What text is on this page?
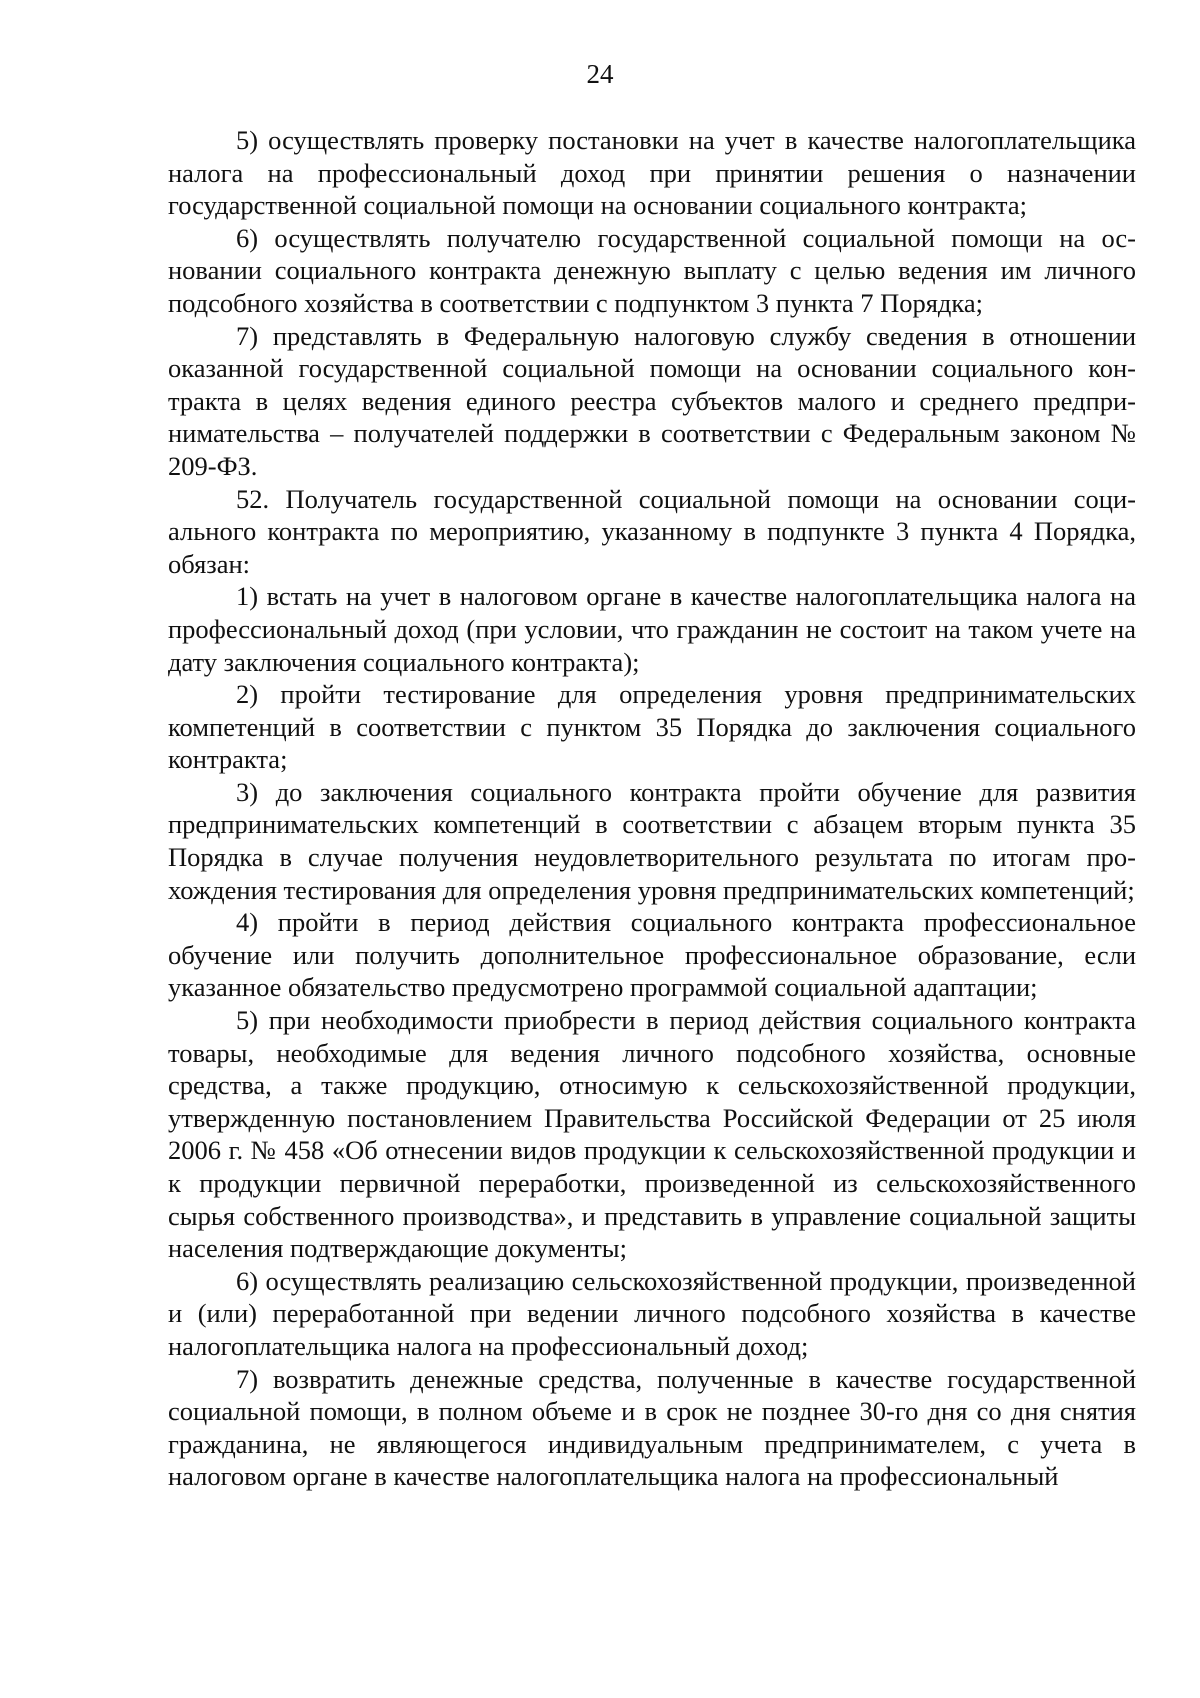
24

5) осуществлять проверку постановки на учет в качестве налогоплательщика налога на профессиональный доход при принятии решения о назначении государственной социальной помощи на основании социального контракта;

6) осуществлять получателю государственной социальной помощи на основании социального контракта денежную выплату с целью ведения им личного подсобного хозяйства в соответствии с подпунктом 3 пункта 7 Порядка;

7) представлять в Федеральную налоговую службу сведения в отношении оказанной государственной социальной помощи на основании социального контракта в целях ведения единого реестра субъектов малого и среднего предпринимательства – получателей поддержки в соответствии с Федеральным законом № 209-ФЗ.

52. Получатель государственной социальной помощи на основании социального контракта по мероприятию, указанному в подпункте 3 пункта 4 Порядка, обязан:

1) встать на учет в налоговом органе в качестве налогоплательщика налога на профессиональный доход (при условии, что гражданин не состоит на таком учете на дату заключения социального контракта);

2) пройти тестирование для определения уровня предпринимательских компетенций в соответствии с пунктом 35 Порядка до заключения социального контракта;

3) до заключения социального контракта пройти обучение для развития предпринимательских компетенций в соответствии с абзацем вторым пункта 35 Порядка в случае получения неудовлетворительного результата по итогам прохождения тестирования для определения уровня предпринимательских компетенций;

4) пройти в период действия социального контракта профессиональное обучение или получить дополнительное профессиональное образование, если указанное обязательство предусмотрено программой социальной адаптации;

5) при необходимости приобрести в период действия социального контракта товары, необходимые для ведения личного подсобного хозяйства, основные средства, а также продукцию, относимую к сельскохозяйственной продукции, утвержденную постановлением Правительства Российской Федерации от 25 июля 2006 г. № 458 «Об отнесении видов продукции к сельскохозяйственной продукции и к продукции первичной переработки, произведенной из сельскохозяйственного сырья собственного производства», и представить в управление социальной защиты населения подтверждающие документы;

6) осуществлять реализацию сельскохозяйственной продукции, произведенной и (или) переработанной при ведении личного подсобного хозяйства в качестве налогоплательщика налога на профессиональный доход;

7) возвратить денежные средства, полученные в качестве государственной социальной помощи, в полном объеме и в срок не позднее 30-го дня со дня снятия гражданина, не являющегося индивидуальным предпринимателем, с учета в налоговом органе в качестве налогоплательщика налога на профессиональный
